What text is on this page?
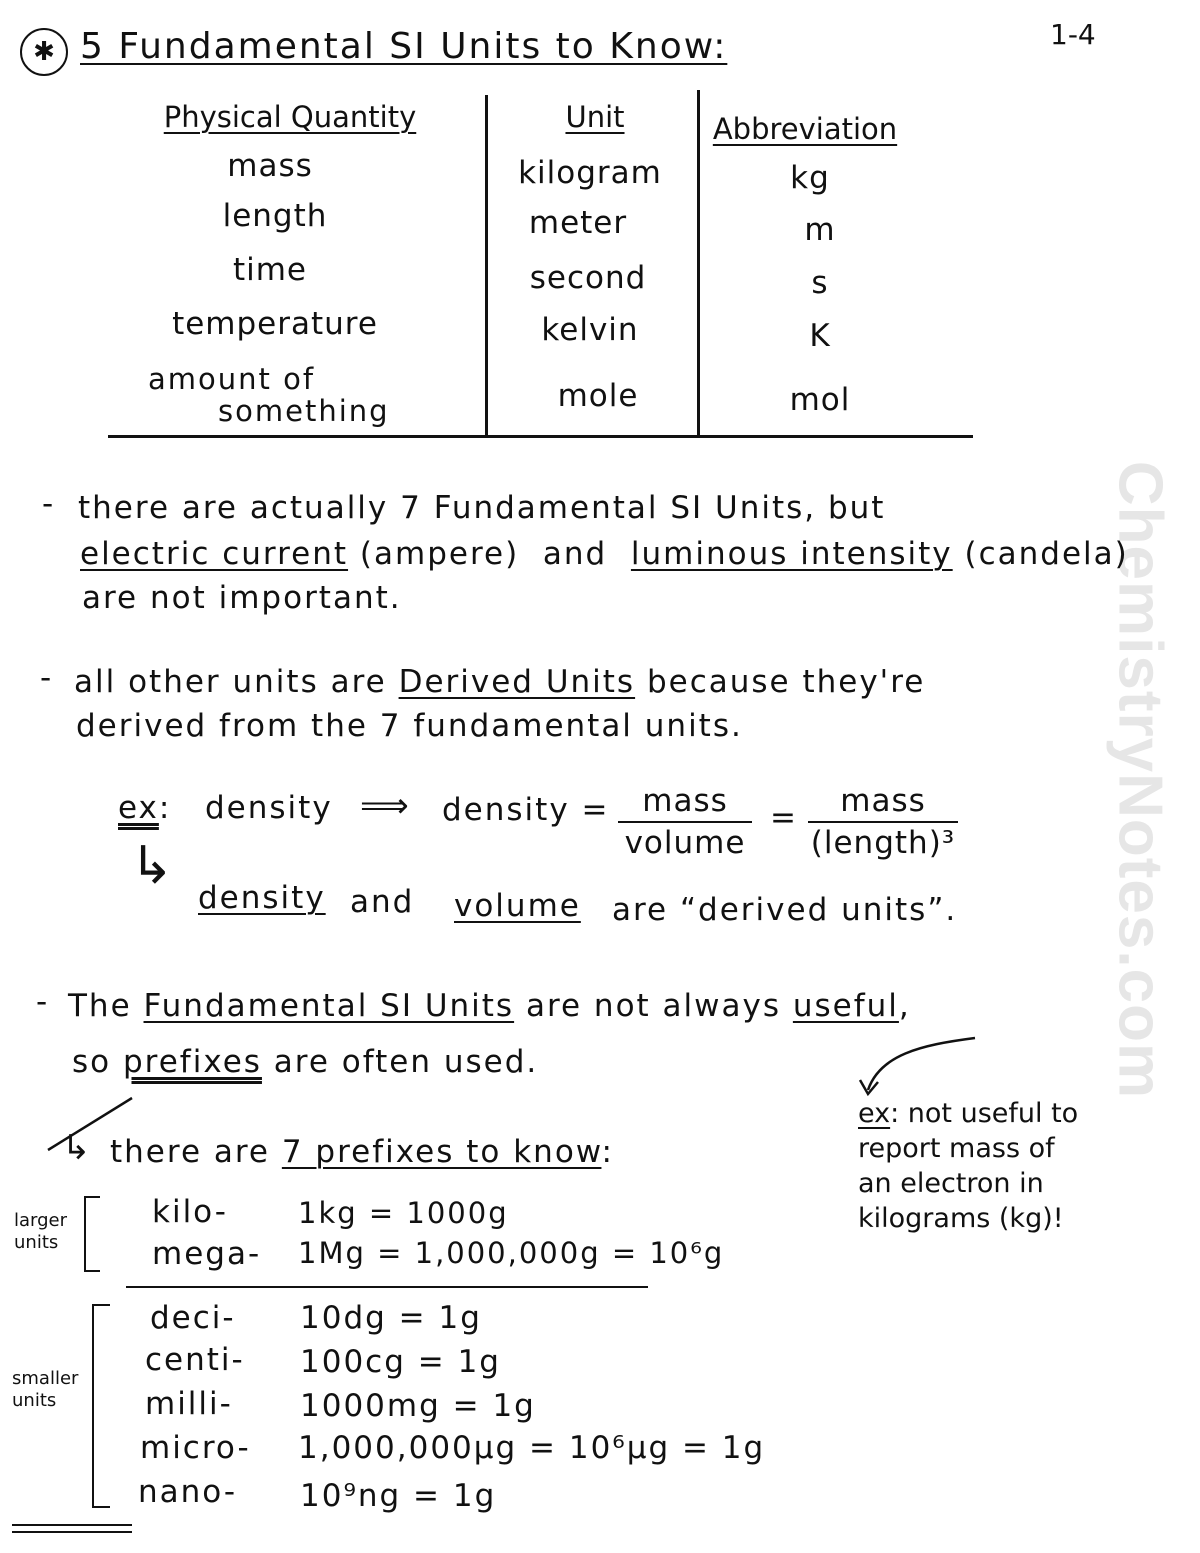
ChemistryNotes.com
1-4
✱ 5 Fundamental SI Units to Know:
Physical Quantity	Unit	Abbreviation
mass	kilogram	kg
length	meter	m
time	second	s
temperature	kelvin	K
amount of
something	mole	mol
- there are actually 7 Fundamental SI Units, but
electric current (ampere)  and  luminous intensity (candela)
are not important.
- all other units are Derived Units because they're
derived from the 7 fundamental units.
ex: density ⟹ density =	mass
volume
=	mass
(length)³
↳
density and volume are “derived units”.
- The Fundamental SI Units are not always useful,
so prefixes are often used.
ex: not useful to
report mass of
an electron in
kilograms (kg)!
↳ there are 7 prefixes to know:
larger
units
kilo- 1kg = 1000g
mega- 1Mg = 1,000,000g = 10⁶g
smaller
units
deci- 10dg = 1g
centi- 100cg = 1g
milli- 1000mg = 1g
micro- 1,000,000μg = 10⁶μg = 1g
nano- 10⁹ng = 1g
